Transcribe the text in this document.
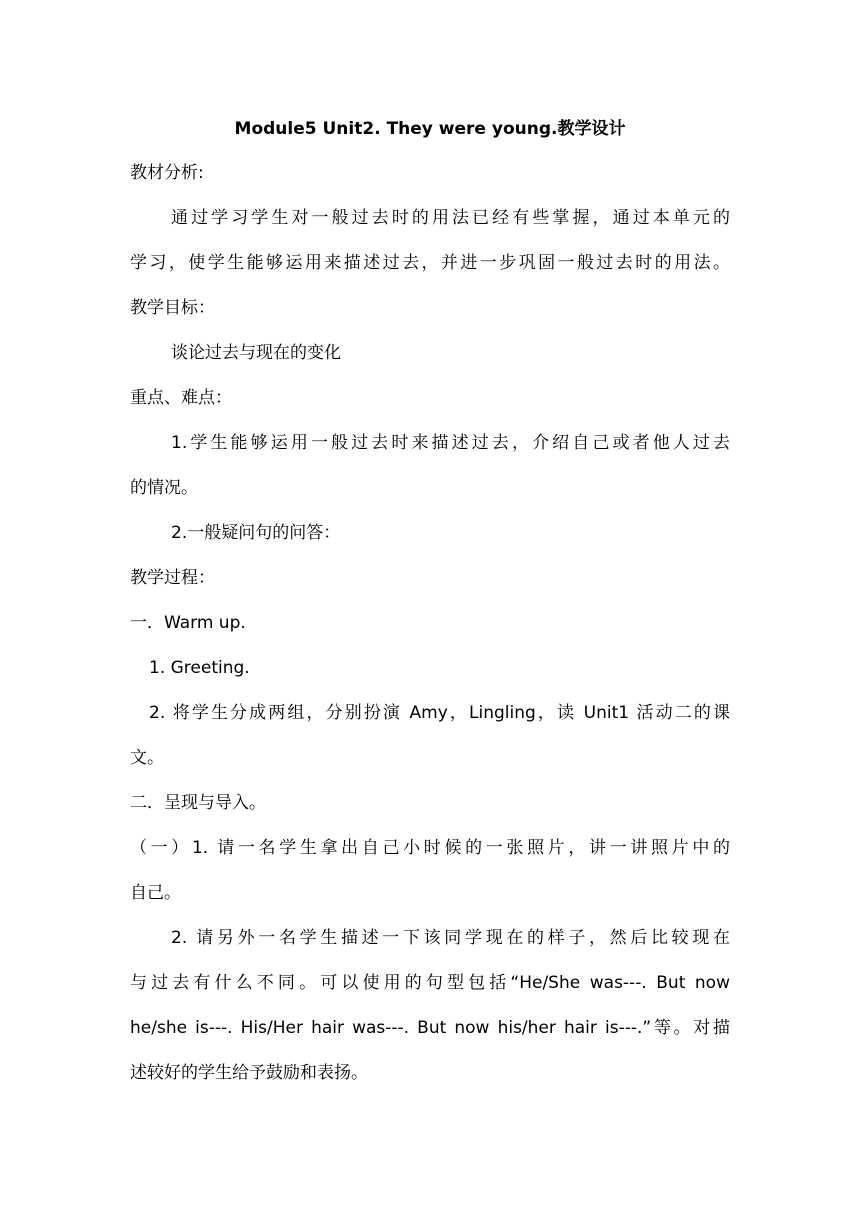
Module5 Unit2. They were young.教学设计
教材分析:
通过学习学生对一般过去时的用法已经有些掌握，通过本单元的
学习，使学生能够运用来描述过去，并进一步巩固一般过去时的用法。
教学目标：
谈论过去与现在的变化
重点、难点：
1.学生能够运用一般过去时来描述过去，介绍自己或者他人过去
的情况。
2.一般疑问句的问答：
教学过程：
一．Warm up.
1. Greeting.
2. 将学生分成两组，分别扮演 Amy，Lingling，读 Unit1 活动二的课
文。
二．呈现与导入。
（一）1. 请一名学生拿出自己小时候的一张照片，讲一讲照片中的
自己。
2. 请另外一名学生描述一下该同学现在的样子，然后比较现在
与过去有什么不同。可以使用的句型包括“He/She was---. But now
he/she is---. His/Her hair was---. But now his/her hair is---.”等。对描
述较好的学生给予鼓励和表扬。
